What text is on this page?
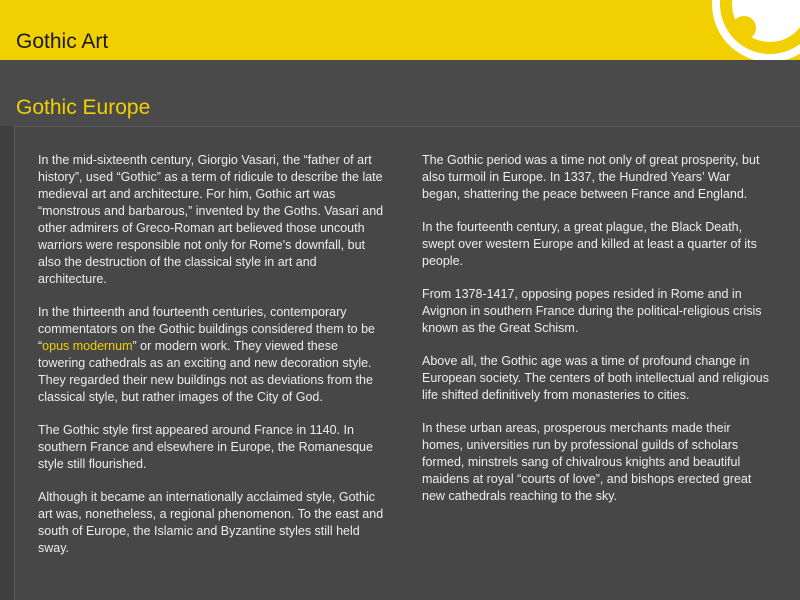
Gothic Art
Gothic Europe

In the mid-sixteenth century, Giorgio Vasari, the “father of art history”, used “Gothic” as a term of ridicule to describe the late medieval art and architecture. For him, Gothic art was “monstrous and barbarous,” invented by the Goths. Vasari and other admirers of Greco-Roman art believed those uncouth warriors were responsible not only for Rome’s downfall, but also the destruction of the classical style in art and architecture.

In the thirteenth and fourteenth centuries, contemporary commentators on the Gothic buildings considered them to be “opus modernum” or modern work. They viewed these towering cathedrals as an exciting and new decoration style. They regarded their new buildings not as deviations from the classical style, but rather images of the City of God.

The Gothic style first appeared around France in 1140. In southern France and elsewhere in Europe, the Romanesque style still flourished.

Although it became an internationally acclaimed style, Gothic art was, nonetheless, a regional phenomenon. To the east and south of Europe, the Islamic and Byzantine styles still held sway.

The Gothic period was a time not only of great prosperity, but also turmoil in Europe. In 1337, the Hundred Years’ War began, shattering the peace between France and England.

In the fourteenth century, a great plague, the Black Death, swept over western Europe and killed at least a quarter of its people.

From 1378-1417, opposing popes resided in Rome and in Avignon in southern France during the political-religious crisis known as the Great Schism.

Above all, the Gothic age was a time of profound change in European society. The centers of both intellectual and religious life shifted definitively from monasteries to cities.

In these urban areas, prosperous merchants made their homes, universities run by professional guilds of scholars formed, minstrels sang of chivalrous knights and beautiful maidens at royal “courts of love”, and bishops erected great new cathedrals reaching to the sky.
